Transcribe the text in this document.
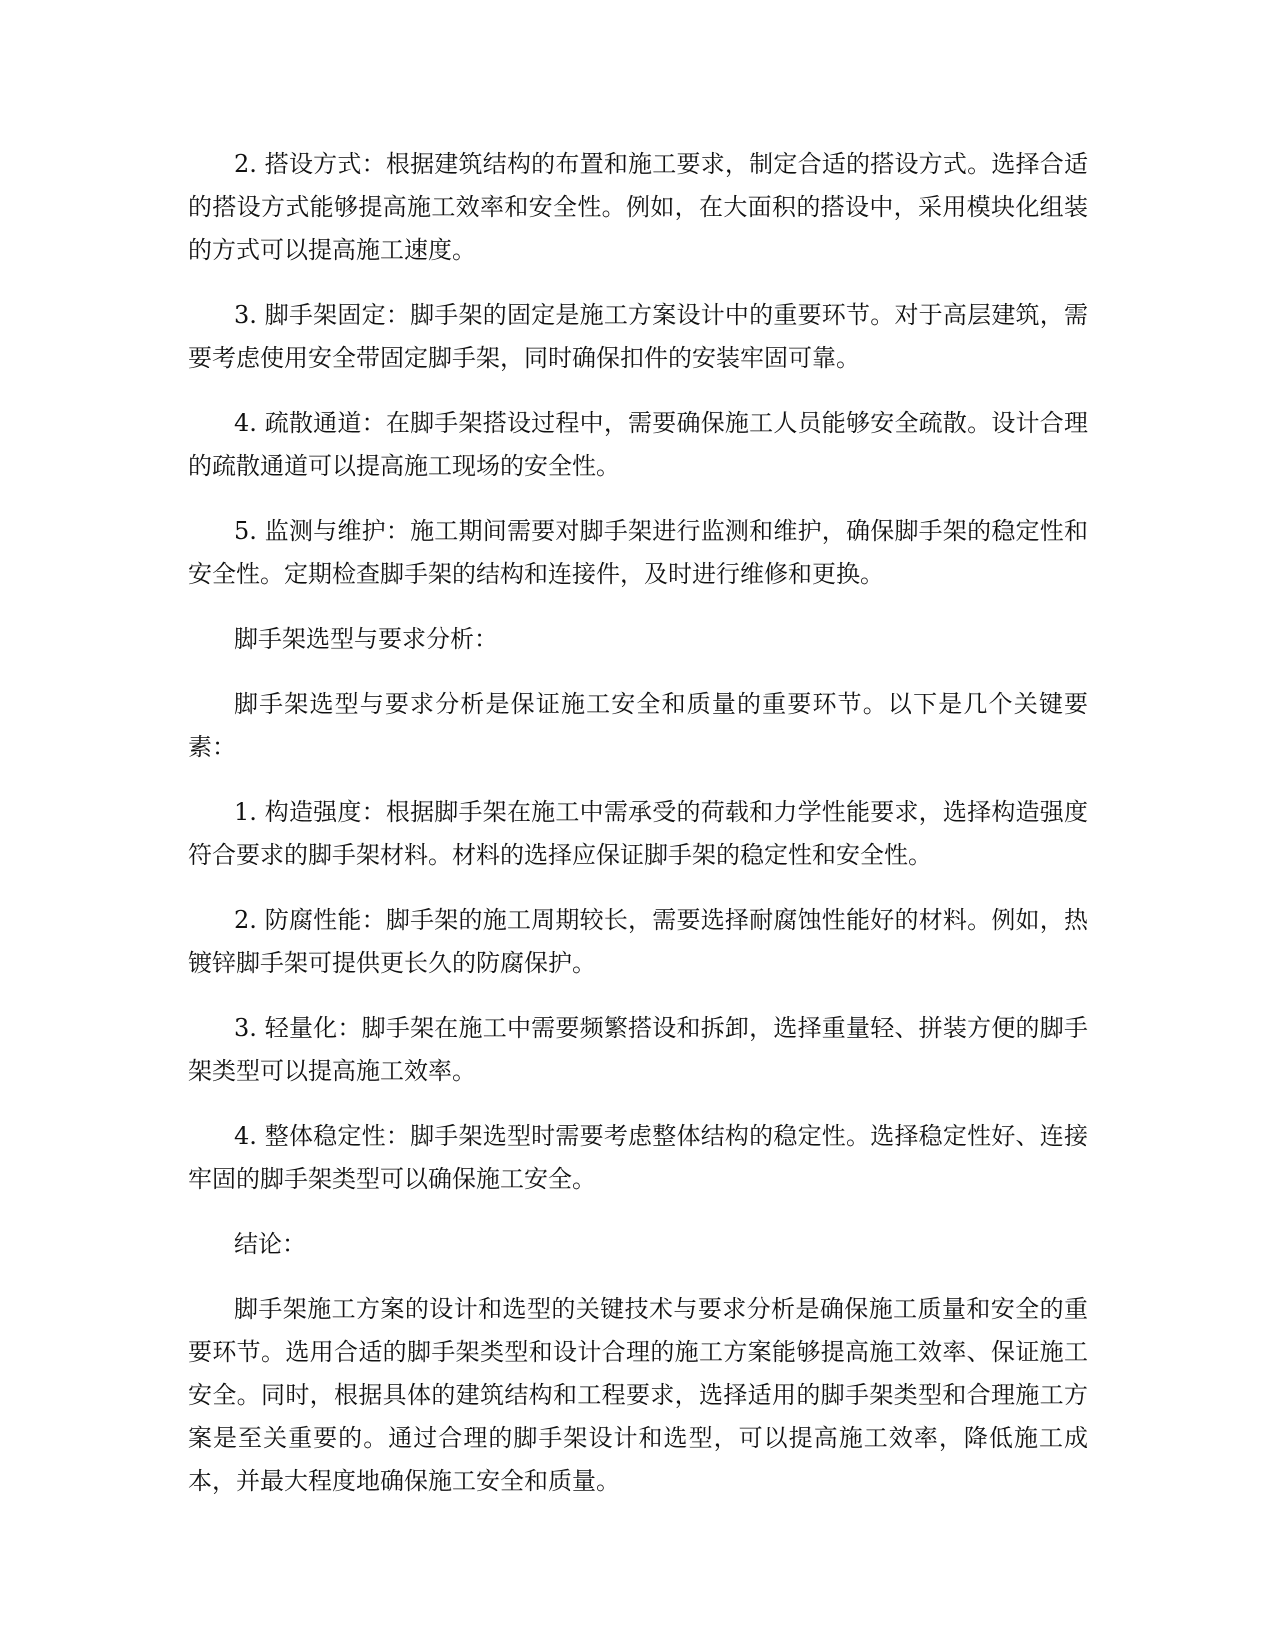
2. 搭设方式：根据建筑结构的布置和施工要求，制定合适的搭设方式。选择合适的搭设方式能够提高施工效率和安全性。例如，在大面积的搭设中，采用模块化组装的方式可以提高施工速度。

3. 脚手架固定：脚手架的固定是施工方案设计中的重要环节。对于高层建筑，需要考虑使用安全带固定脚手架，同时确保扣件的安装牢固可靠。

4. 疏散通道：在脚手架搭设过程中，需要确保施工人员能够安全疏散。设计合理的疏散通道可以提高施工现场的安全性。

5. 监测与维护：施工期间需要对脚手架进行监测和维护，确保脚手架的稳定性和安全性。定期检查脚手架的结构和连接件，及时进行维修和更换。

脚手架选型与要求分析：

脚手架选型与要求分析是保证施工安全和质量的重要环节。以下是几个关键要素：

1. 构造强度：根据脚手架在施工中需承受的荷载和力学性能要求，选择构造强度符合要求的脚手架材料。材料的选择应保证脚手架的稳定性和安全性。

2. 防腐性能：脚手架的施工周期较长，需要选择耐腐蚀性能好的材料。例如，热镀锌脚手架可提供更长久的防腐保护。

3. 轻量化：脚手架在施工中需要频繁搭设和拆卸，选择重量轻、拼装方便的脚手架类型可以提高施工效率。

4. 整体稳定性：脚手架选型时需要考虑整体结构的稳定性。选择稳定性好、连接牢固的脚手架类型可以确保施工安全。

结论：

脚手架施工方案的设计和选型的关键技术与要求分析是确保施工质量和安全的重要环节。选用合适的脚手架类型和设计合理的施工方案能够提高施工效率、保证施工安全。同时，根据具体的建筑结构和工程要求，选择适用的脚手架类型和合理施工方案是至关重要的。通过合理的脚手架设计和选型，可以提高施工效率，降低施工成本，并最大程度地确保施工安全和质量。
